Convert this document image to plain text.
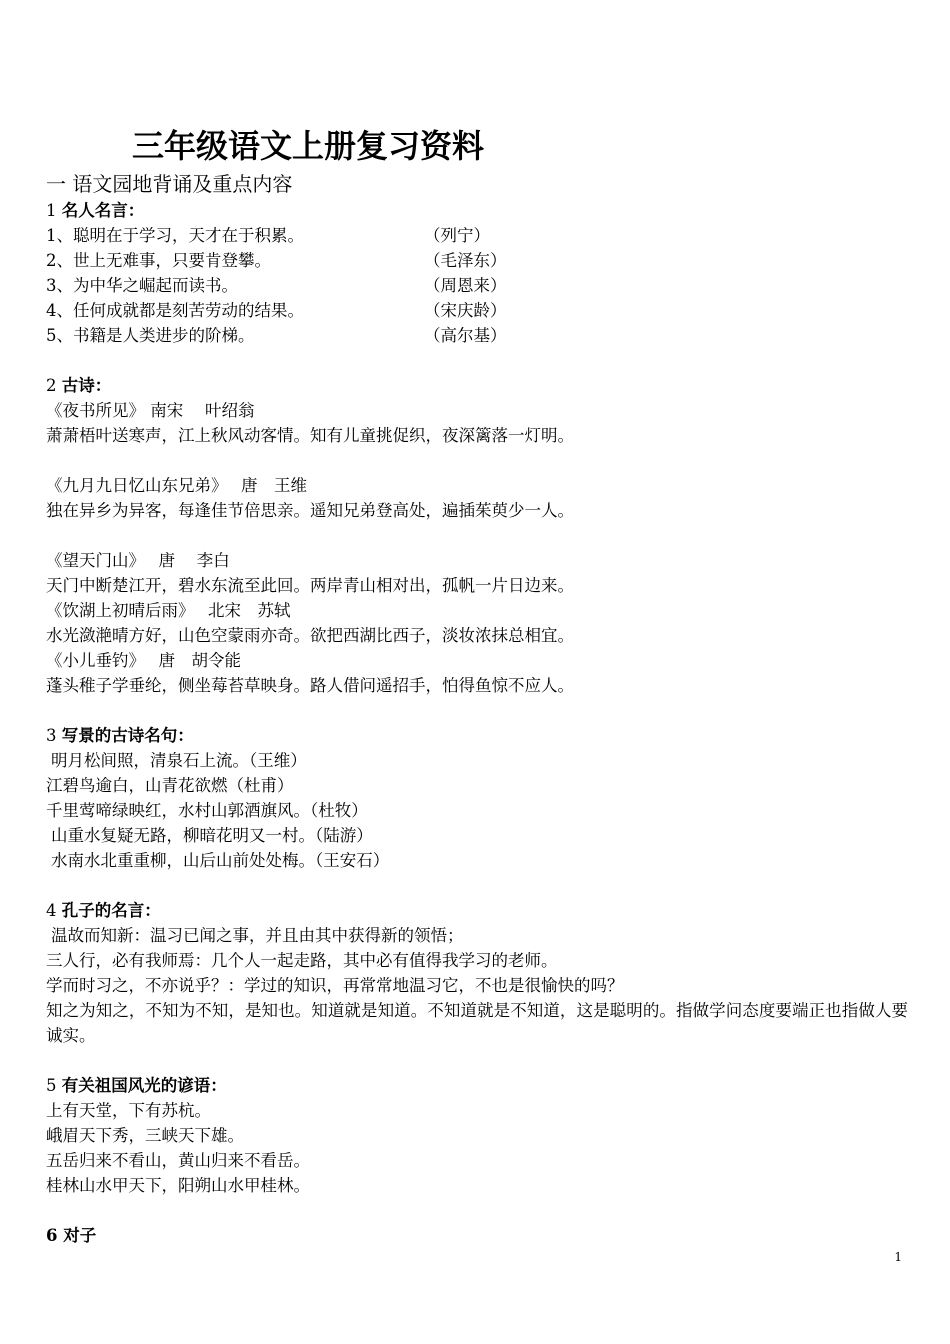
三年级语文上册复习资料
一 语文园地背诵及重点内容
1 名人名言：
1、聪明在于学习，天才在于积累。	（列宁）
2、世上无难事，只要肯登攀。	（毛泽东）
3、为中华之崛起而读书。	（周恩来）
4、任何成就都是刻苦劳动的结果。	（宋庆龄）
5、书籍是人类进步的阶梯。	（高尔基）
2 古诗：
《夜书所见》 南宋　 叶绍翁
萧萧梧叶送寒声，江上秋风动客情。知有儿童挑促织，夜深篱落一灯明。
《九月九日忆山东兄弟》　 唐　王维
独在异乡为异客，每逢佳节倍思亲。遥知兄弟登高处，遍插茱萸少一人。
《望天门山》　 唐　 李白
天门中断楚江开，碧水东流至此回。两岸青山相对出，孤帆一片日边来。
《饮湖上初晴后雨》　 北宋　苏轼
水光潋滟晴方好，山色空蒙雨亦奇。欲把西湖比西子，淡妆浓抹总相宜。
《小儿垂钓》　 唐　胡令能
蓬头稚子学垂纶，侧坐莓苔草映身。路人借问遥招手，怕得鱼惊不应人。
3 写景的古诗名句：
明月松间照，清泉石上流。（王维）
江碧鸟逾白，山青花欲燃（杜甫）
千里莺啼绿映红，水村山郭酒旗风。（杜牧）
山重水复疑无路，柳暗花明又一村。（陆游）
水南水北重重柳，山后山前处处梅。（王安石）
4 孔子的名言：
温故而知新：温习已闻之事，并且由其中获得新的领悟；
三人行，必有我师焉：几个人一起走路，其中必有值得我学习的老师。
学而时习之，不亦说乎？：学过的知识，再常常地温习它，不也是很愉快的吗？
知之为知之，不知为不知，是知也。知道就是知道。不知道就是不知道，这是聪明的。指做学问态度要端正也指做人要诚实。
5 有关祖国风光的谚语：
上有天堂，下有苏杭。
峨眉天下秀，三峡天下雄。
五岳归来不看山，黄山归来不看岳。
桂林山水甲天下，阳朔山水甲桂林。
6 对子
1
